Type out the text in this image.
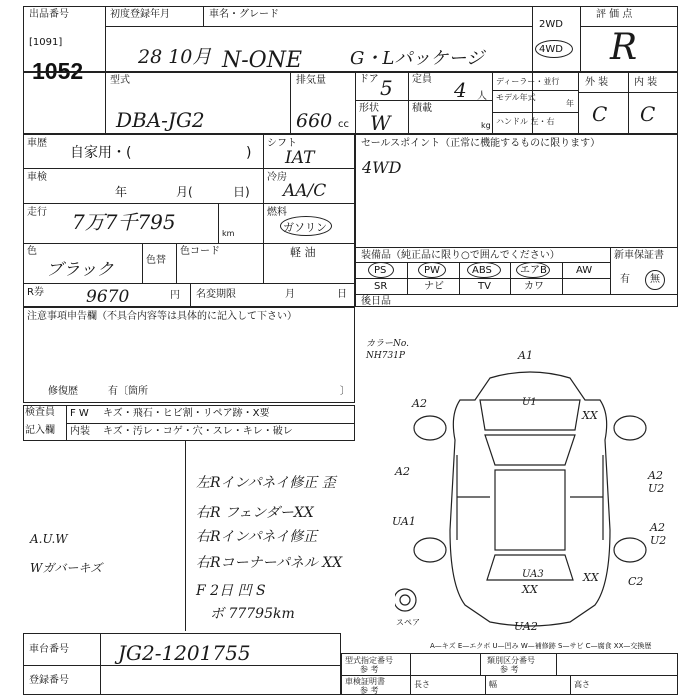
出品番号
[1091]
1052
初度登録年月
28 10月
車名・グレード
N-ONE	G・Lパッケージ
2WD
4WD
評 価 点
R
型式
DBA-JG2
排気量
660 cc
ドア 5 定員 4 人
形状
W
積載
kg
ディーラー・並行
モデル年式
年
ハンドル 左・右
外 装	内 装
C C
車歴
自家用・(	)
シフト
IAT
車検
年	月(	日)
冷房
AA/C
走行 7万7千795	km
燃料
ガソリン
軽 油
色
ブラック	色替
色コード
R券 9670	円 名変期限	月	日
セールスポイント（正常に機能するものに限ります）
4WD
装備品（純正品に限り○で囲んでください）	新車保証書
有 無
PS	PW	ABS	エアB	AW
SR	ナビ	TV	カワ
後日品
注意事項申告欄（不具合内容等は具体的に記入して下さい）
修復歴	有〔箇所	〕
検査員
記入欄
F W キズ・飛石・ヒビ割・リペア跡・X要
内装 キズ・汚レ・コゲ・穴・スレ・キレ・破レ
左Rインパネイ修正 歪
右R フェンダーXX
右Rインパネイ修正
右Rコーナーパネル XX
F 2日 凹 S
ボ 77795km
A.U.W
Wガバーキズ
カラーNo.
NH731P	A1
U1
A2
XX
A2	A2
U2
UA1	A2
U2
UA3
XX
XX	C2
UA2
スペア
A—キズ E—エクボ U—凹み W—補修跡 S—サビ C—腐食 XX—交換歴
車台番号 JG2-1201755
登録番号
型式指定番号
参 考
類別区分番号
参 考
車検証明書
参 考
長さ	幅	高さ
